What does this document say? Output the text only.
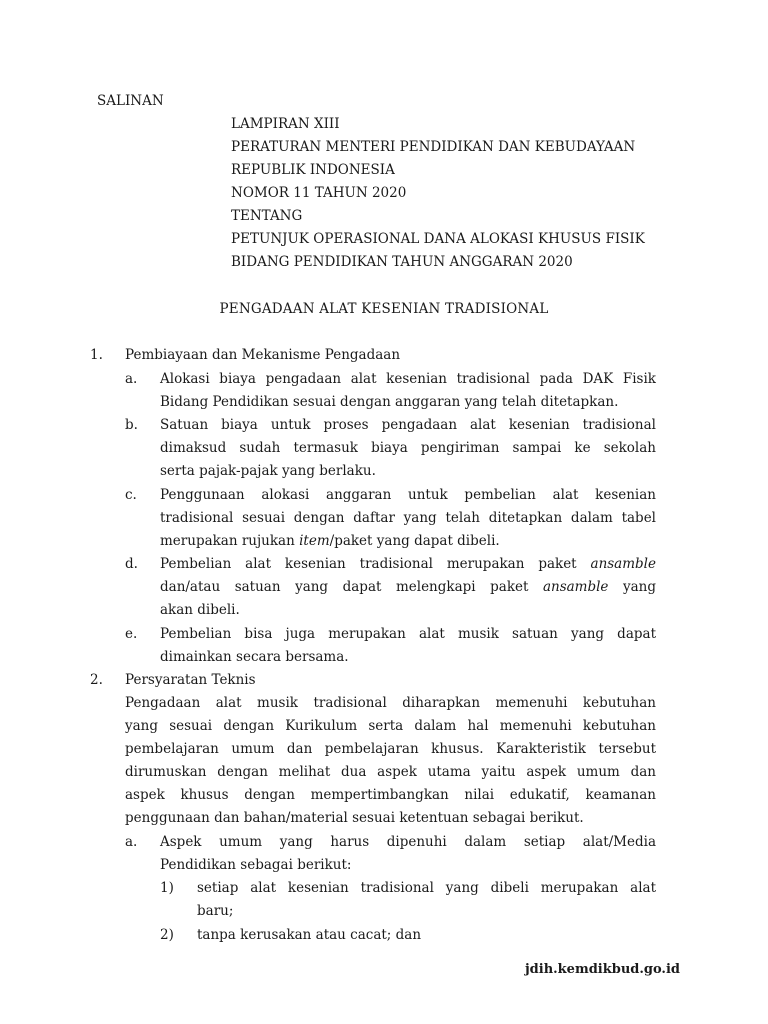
SALINAN
LAMPIRAN XIII
PERATURAN MENTERI PENDIDIKAN DAN KEBUDAYAAN
REPUBLIK INDONESIA
NOMOR 11 TAHUN 2020
TENTANG
PETUNJUK OPERASIONAL DANA ALOKASI KHUSUS FISIK
BIDANG PENDIDIKAN TAHUN ANGGARAN 2020
PENGADAAN ALAT KESENIAN TRADISIONAL
1. Pembiayaan dan Mekanisme Pengadaan
a. Alokasi biaya pengadaan alat kesenian tradisional pada DAK Fisik
Bidang Pendidikan sesuai dengan anggaran yang telah ditetapkan.
b. Satuan biaya untuk proses pengadaan alat kesenian tradisional
dimaksud sudah termasuk biaya pengiriman sampai ke sekolah
serta pajak-pajak yang berlaku.
c. Penggunaan alokasi anggaran untuk pembelian alat kesenian
tradisional sesuai dengan daftar yang telah ditetapkan dalam tabel
merupakan rujukan item/paket yang dapat dibeli.
d. Pembelian alat kesenian tradisional merupakan paket ansamble
dan/atau satuan yang dapat melengkapi paket ansamble yang
akan dibeli.
e. Pembelian bisa juga merupakan alat musik satuan yang dapat
dimainkan secara bersama.
2. Persyaratan Teknis
Pengadaan alat musik tradisional diharapkan memenuhi kebutuhan
yang sesuai dengan Kurikulum serta dalam hal memenuhi kebutuhan
pembelajaran umum dan pembelajaran khusus. Karakteristik tersebut
dirumuskan dengan melihat dua aspek utama yaitu aspek umum dan
aspek khusus dengan mempertimbangkan nilai edukatif, keamanan
penggunaan dan bahan/material sesuai ketentuan sebagai berikut.
a. Aspek umum yang harus dipenuhi dalam setiap alat/Media
Pendidikan sebagai berikut:
1) setiap alat kesenian tradisional yang dibeli merupakan alat
baru;
2) tanpa kerusakan atau cacat; dan
jdih.kemdikbud.go.id
